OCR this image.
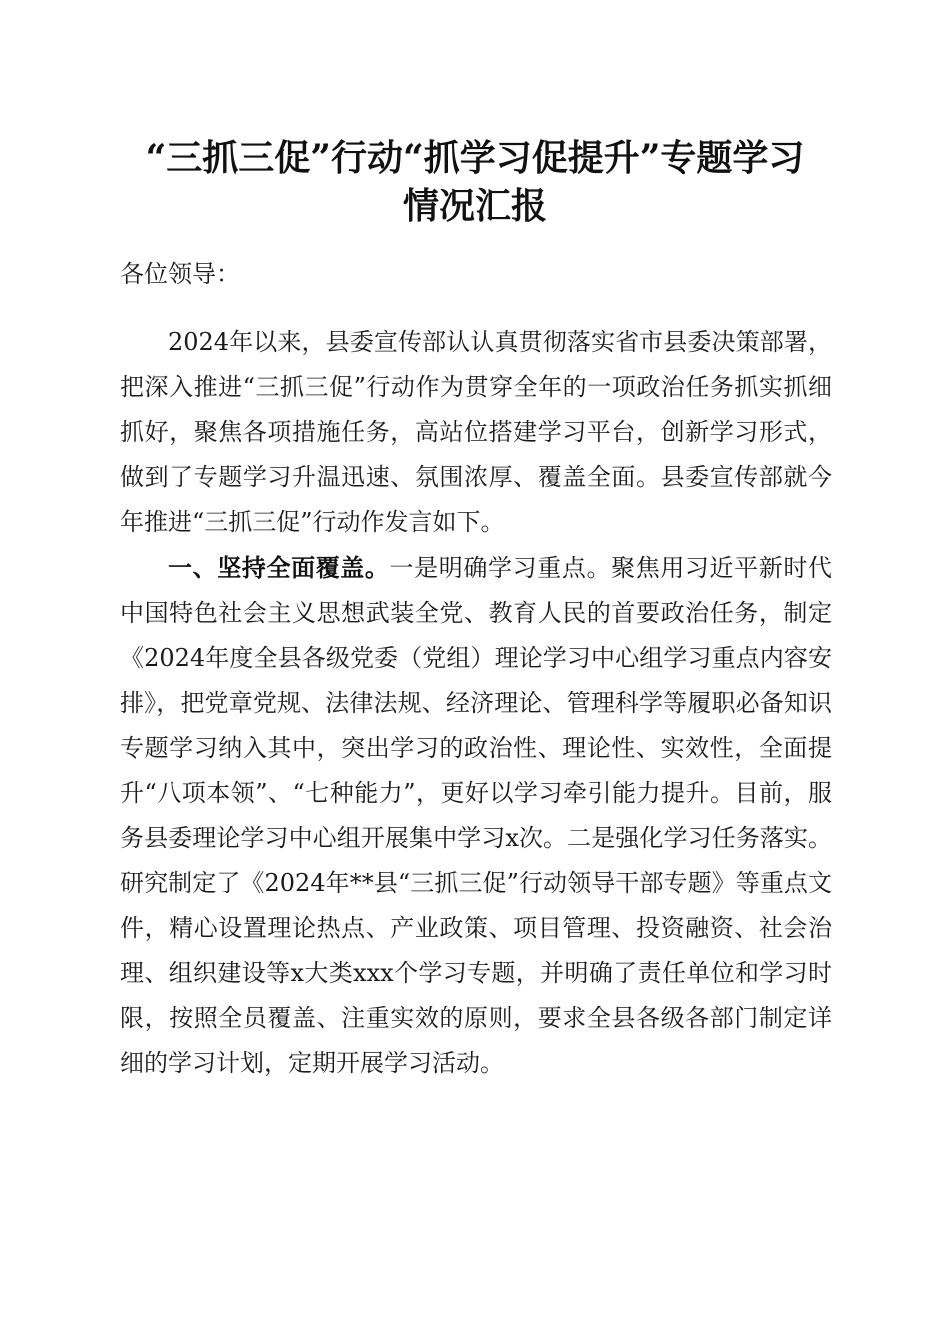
“三抓三促”行动“抓学习促提升”专题学习
情况汇报

各位领导：

2024年以来，县委宣传部认认真贯彻落实省市县委决策部署，把深入推进“三抓三促”行动作为贯穿全年的一项政治任务抓实抓细抓好，聚焦各项措施任务，高站位搭建学习平台，创新学习形式，做到了专题学习升温迅速、氛围浓厚、覆盖全面。县委宣传部就今年推进“三抓三促”行动作发言如下。

一、坚持全面覆盖。一是明确学习重点。聚焦用习近平新时代中国特色社会主义思想武装全党、教育人民的首要政治任务，制定《2024年度全县各级党委（党组）理论学习中心组学习重点内容安排》，把党章党规、法律法规、经济理论、管理科学等履职必备知识专题学习纳入其中，突出学习的政治性、理论性、实效性，全面提升“八项本领”、“七种能力”，更好以学习牵引能力提升。目前，服务县委理论学习中心组开展集中学习x次。二是强化学习任务落实。研究制定了《2024年**县“三抓三促”行动领导干部专题》等重点文件，精心设置理论热点、产业政策、项目管理、投资融资、社会治理、组织建设等x大类xxx个学习专题，并明确了责任单位和学习时限，按照全员覆盖、注重实效的原则，要求全县各级各部门制定详细的学习计划，定期开展学习活动。
